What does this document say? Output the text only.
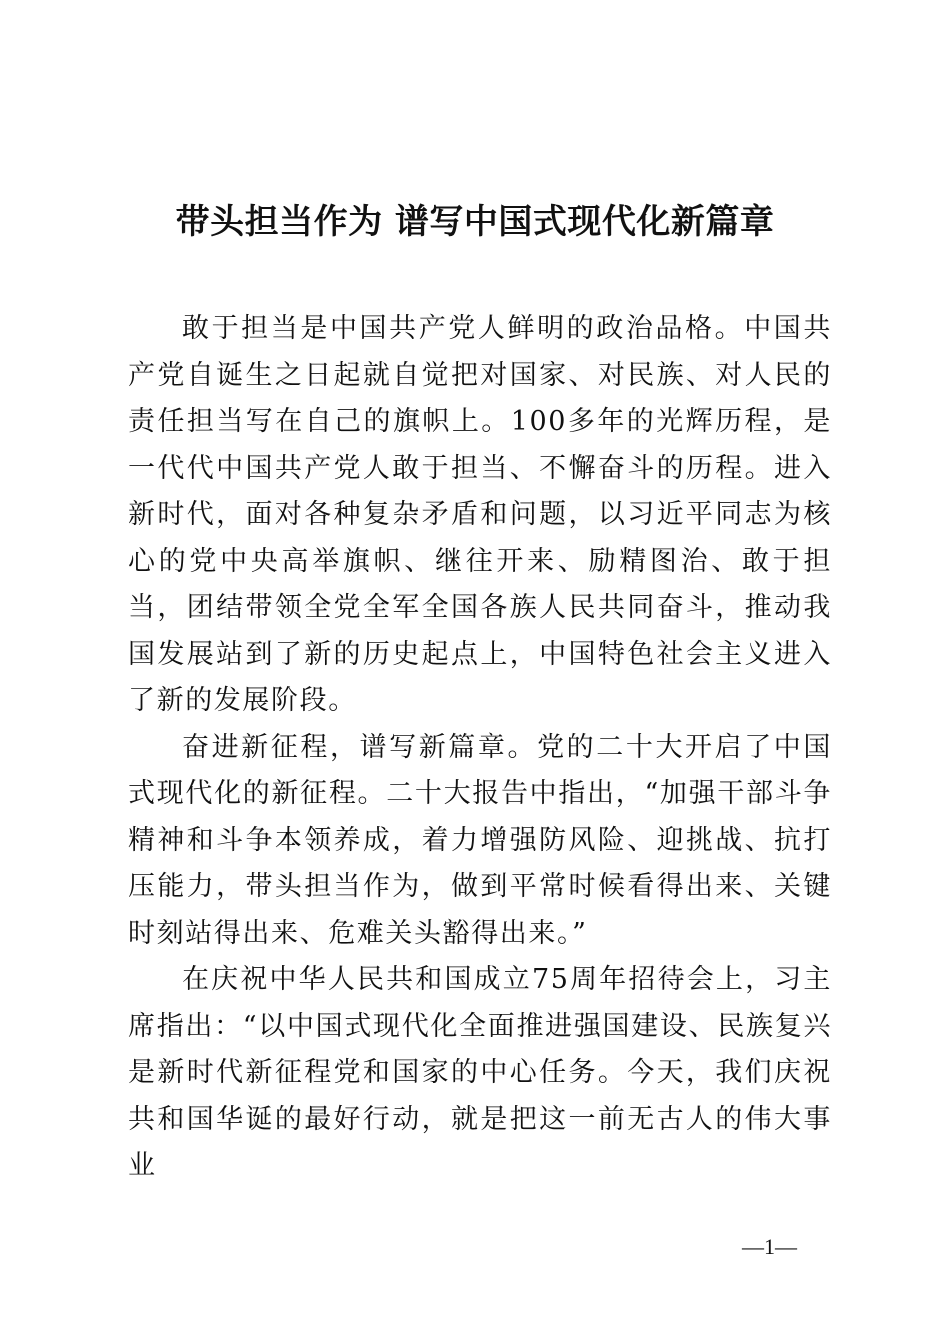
带头担当作为 谱写中国式现代化新篇章

敢于担当是中国共产党人鲜明的政治品格。中国共产党自诞生之日起就自觉把对国家、对民族、对人民的责任担当写在自己的旗帜上。100多年的光辉历程，是一代代中国共产党人敢于担当、不懈奋斗的历程。进入新时代，面对各种复杂矛盾和问题，以习近平同志为核心的党中央高举旗帜、继往开来、励精图治、敢于担当，团结带领全党全军全国各族人民共同奋斗，推动我国发展站到了新的历史起点上，中国特色社会主义进入了新的发展阶段。

奋进新征程，谱写新篇章。党的二十大开启了中国式现代化的新征程。二十大报告中指出，“加强干部斗争精神和斗争本领养成，着力增强防风险、迎挑战、抗打压能力，带头担当作为，做到平常时候看得出来、关键时刻站得出来、危难关头豁得出来。”

在庆祝中华人民共和国成立75周年招待会上，习主席指出：“以中国式现代化全面推进强国建设、民族复兴是新时代新征程党和国家的中心任务。今天，我们庆祝共和国华诞的最好行动，就是把这一前无古人的伟大事业

—1—
